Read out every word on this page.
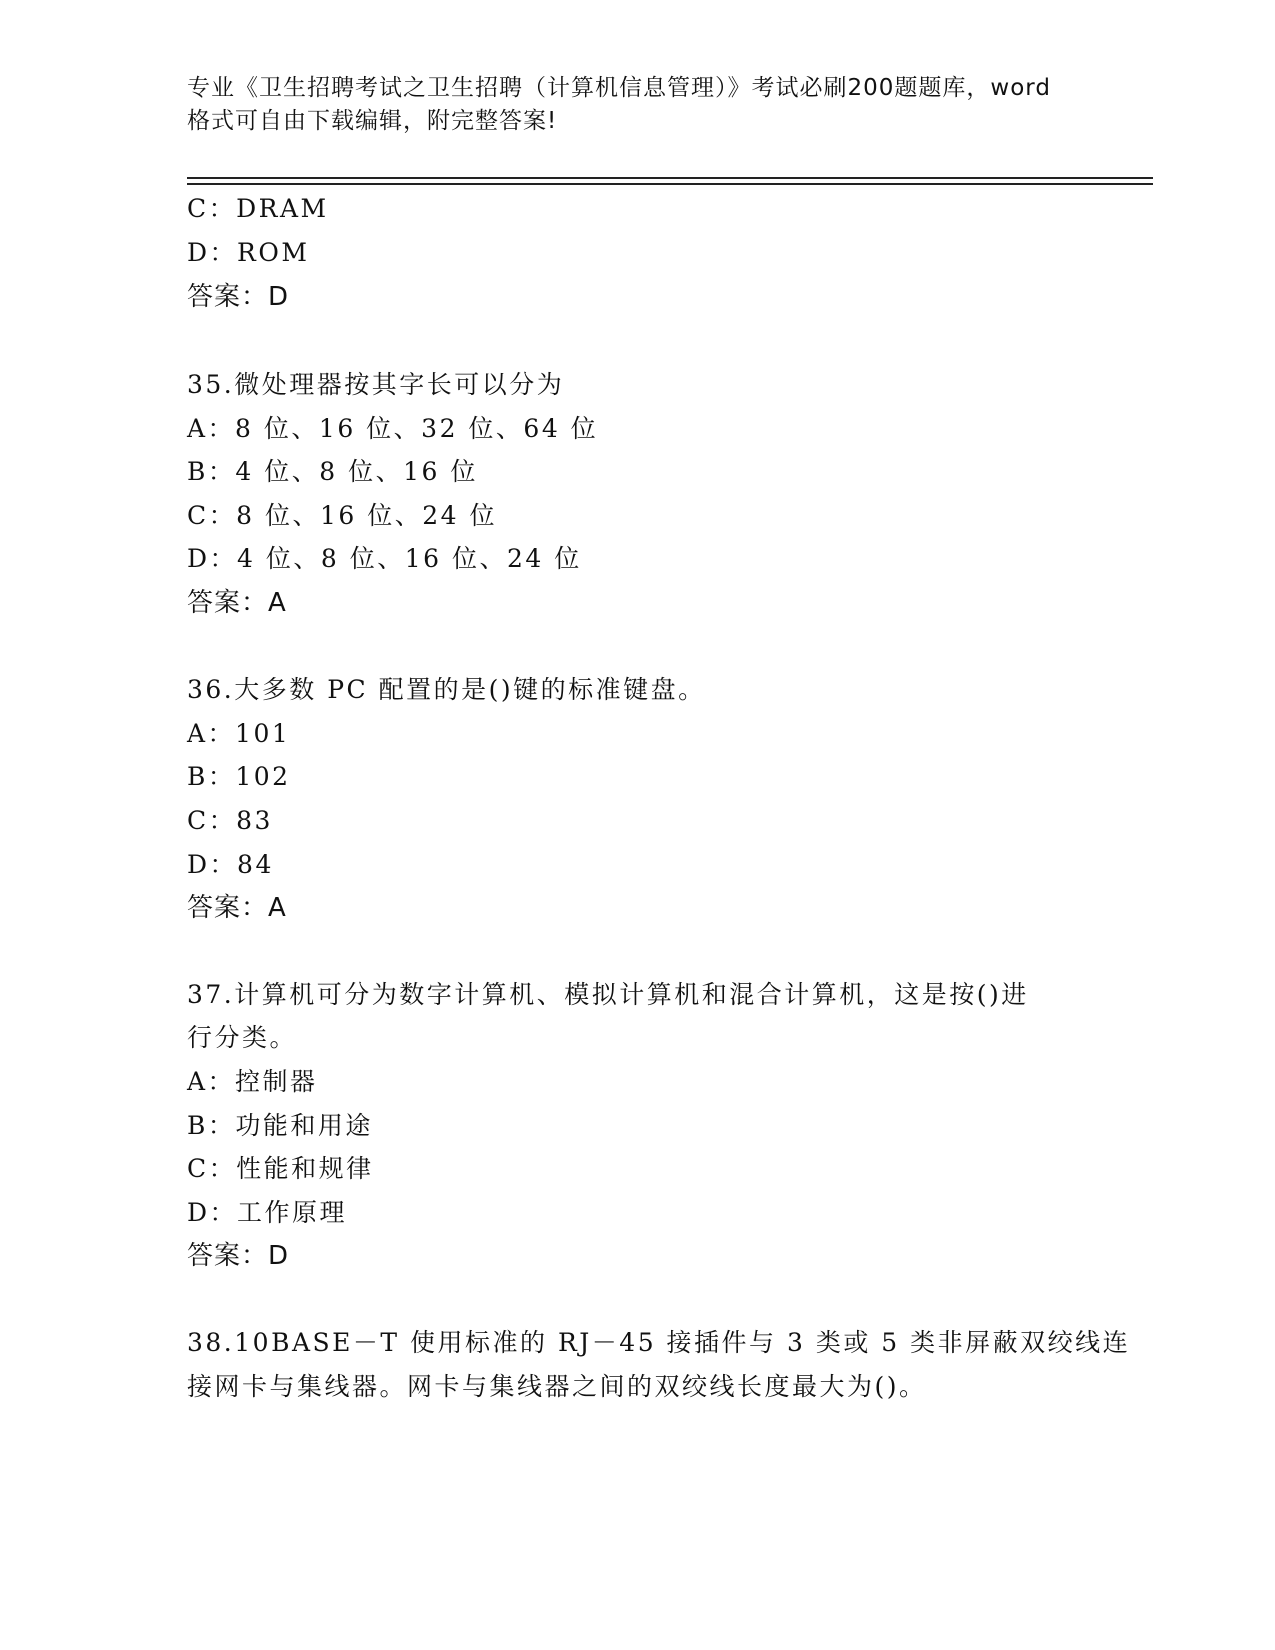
专业《卫生招聘考试之卫生招聘（计算机信息管理）》考试必刷200题题库，word
格式可自由下载编辑，附完整答案!
C：DRAM
D：ROM
答案：D
35.微处理器按其字长可以分为
A：8 位、16 位、32 位、64 位
B：4 位、8 位、16 位
C：8 位、16 位、24 位
D：4 位、8 位、16 位、24 位
答案：A
36.大多数 PC 配置的是()键的标准键盘。
A：101
B：102
C：83
D：84
答案：A
37.计算机可分为数字计算机、模拟计算机和混合计算机，这是按()进
行分类。
A：控制器
B：功能和用途
C：性能和规律
D：工作原理
答案：D
38.10BASE－T 使用标准的 RJ－45 接插件与 3 类或 5 类非屏蔽双绞线连
接网卡与集线器。网卡与集线器之间的双绞线长度最大为()。
